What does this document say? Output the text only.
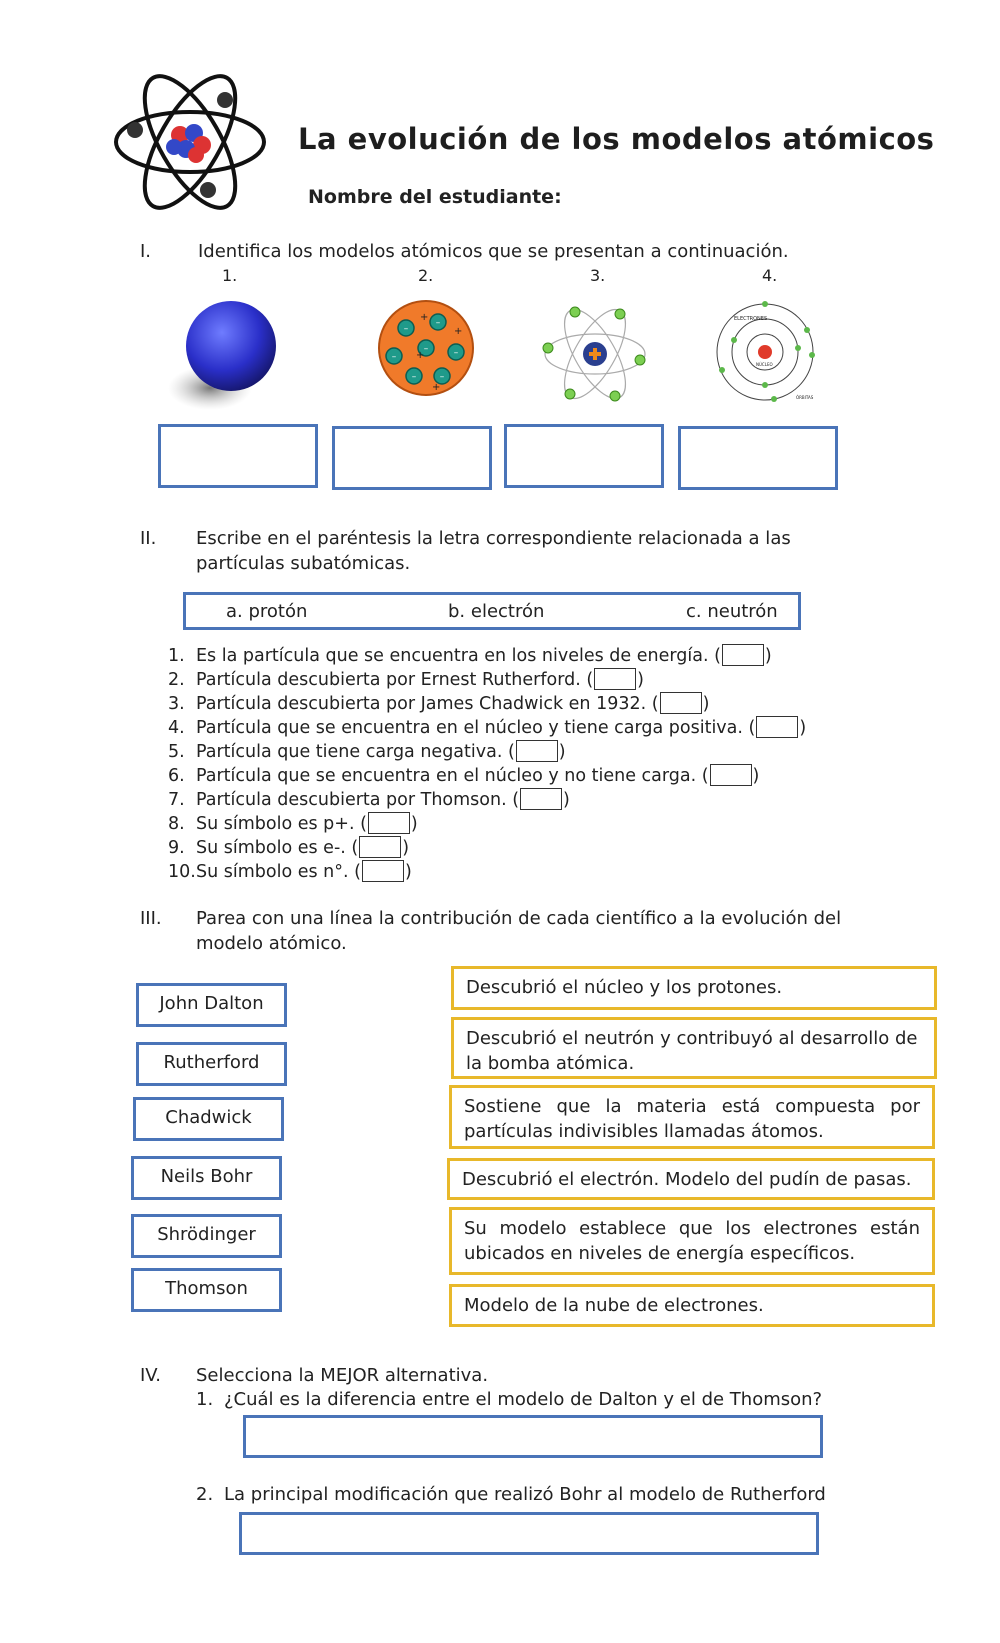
La evolución de los modelos atómicos
Nombre del estudiante:
I.	Identifica los modelos atómicos que se presentan a continuación.
1.	2.	3.	4.
–
–
–
–	–
–	–
+
+
+
+
ELECTRONES
NÚCLEO
ÓRBITAS
II.	Escribe en el paréntesis la letra correspondiente relacionada a las
partículas subatómicas.
a. protón	b. electrón	c. neutrón
1. Es la partícula que se encuentra en los niveles de energía. (	)
2. Partícula descubierta por Ernest Rutherford. (	)
3. Partícula descubierta por James Chadwick en 1932. (	)
4. Partícula que se encuentra en el núcleo y tiene carga positiva. (	)
5. Partícula que tiene carga negativa. (	)
6. Partícula que se encuentra en el núcleo y no tiene carga. (	)
7. Partícula descubierta por Thomson. (	)
8. Su símbolo es p+. (	)
9. Su símbolo es e-. (	)
10. Su símbolo es n°. (	)
III.	Parea con una línea la contribución de cada científico a la evolución del
modelo atómico.
John Dalton
Rutherford
Chadwick
Neils Bohr
Shrödinger
Thomson
Descubrió el núcleo y los protones.
Descubrió el neutrón y contribuyó al desarrollo de la bomba atómica.
Sostiene que la materia está compuesta por partículas indivisibles llamadas átomos.
Descubrió el electrón. Modelo del pudín de pasas.
Su modelo establece que los electrones están ubicados en niveles de energía específicos.
Modelo de la nube de electrones.
IV.	Selecciona la MEJOR alternativa.
1. ¿Cuál es la diferencia entre el modelo de Dalton y el de Thomson?
2. La principal modificación que realizó Bohr al modelo de Rutherford
